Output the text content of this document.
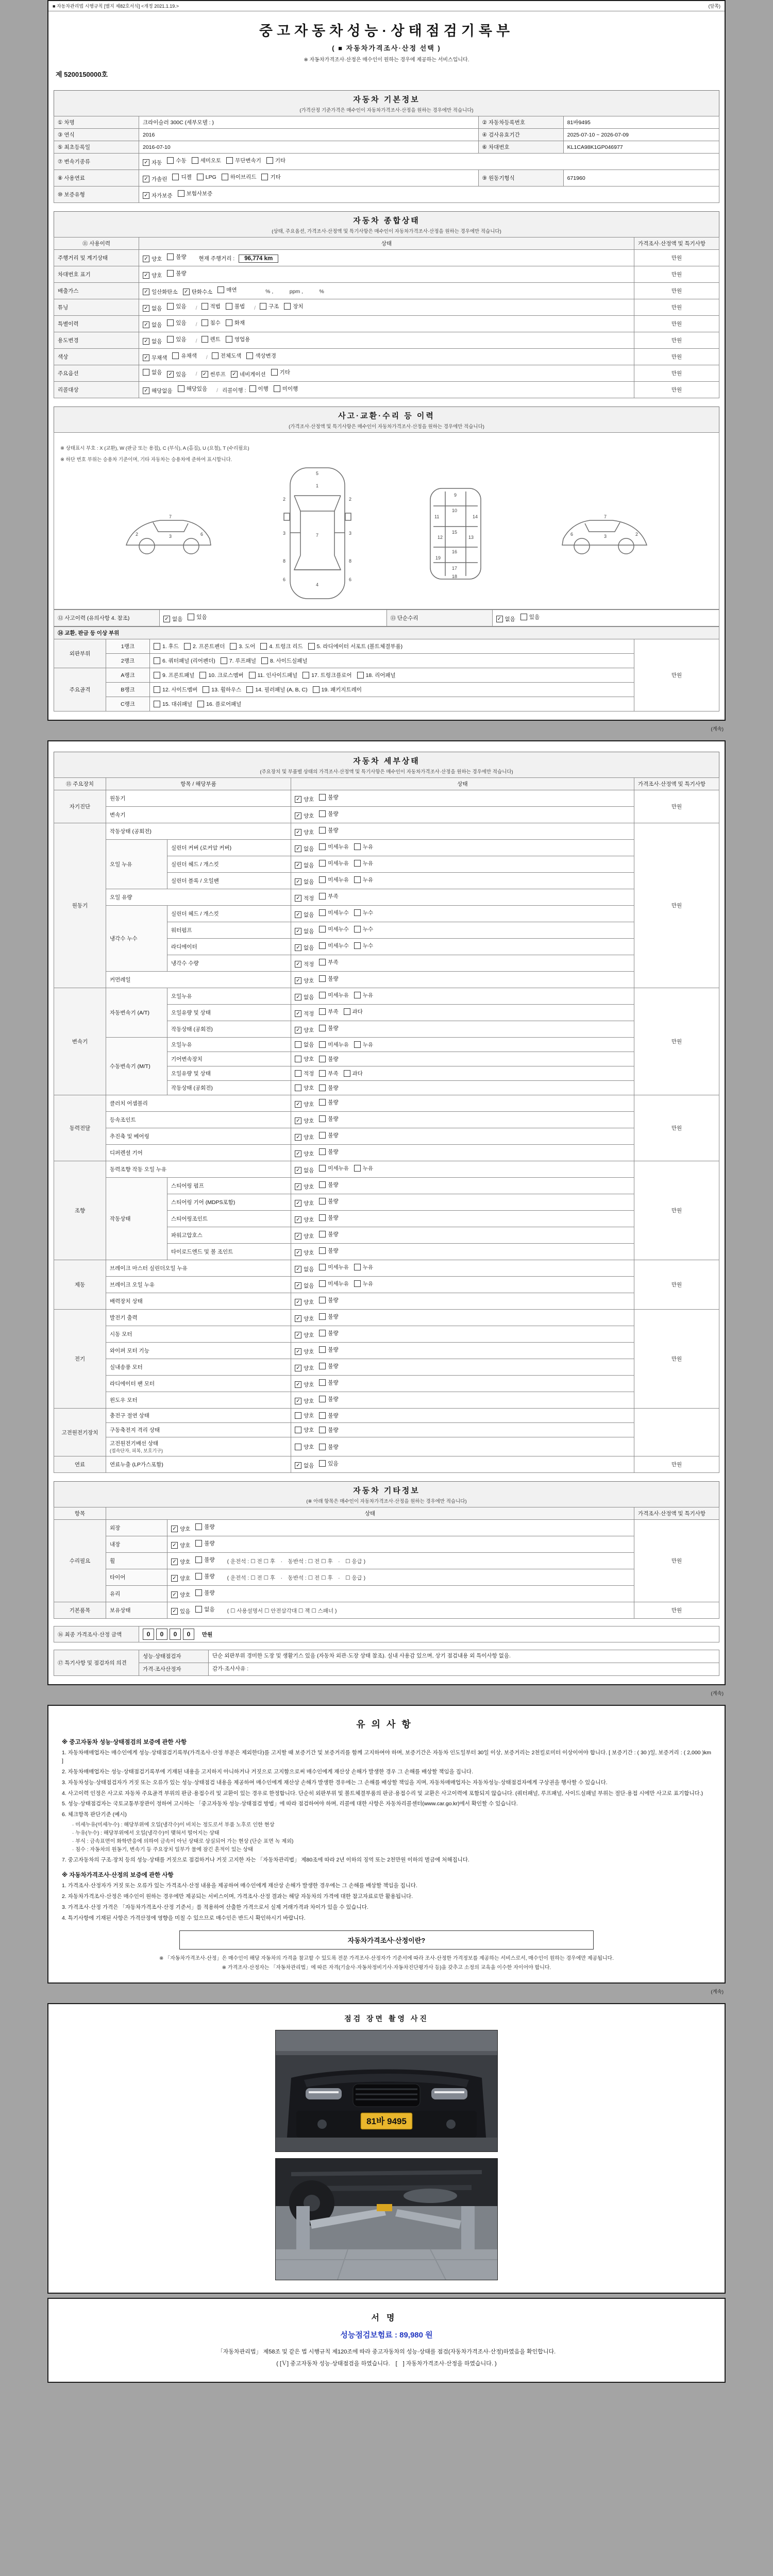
■ 자동차관리법 시행규칙 [별지 제82호서식] <개정 2021.1.19.>	(앞쪽)
중고자동차성능·상태점검기록부
( ■ 자동차가격조사·산정 선택 )
※ 자동차가격조사·산정은 매수인이 원하는 경우에 제공하는 서비스입니다.
제 5200150000호
자동차 기본정보
(가격산정 기준가격은 매수인이 자동차가격조사·산정을 원하는 경우에만 적습니다)
① 차명	크라이슬러 300C (세부모델 : )	② 자동차등록번호	81바9495
③ 연식	2016	④ 검사유효기간	2025-07-10 ~ 2026-07-09
⑤ 최초등록일	2016-07-10	⑥ 차대번호	KL1CA98K1GP046977
⑦ 변속기종류	✓ 자동	수동	세미오토	무단변속기	기타

⑧ 사용연료	✓ 가솔린	디젤	LPG	하이브리드	기타	⑨ 원동기형식	671960
⑩ 보증유형	✓ 자가보증 보험사보증		
자동차 종합상태
(상태, 주요옵션, 가격조사·산정액 및 특기사항은 매수인이 자동차가격조사·산정을 원하는 경우에만 적습니다)
⑪ 사용이력	상태	가격조사·산정액 및 특기사항
주행거리 및 계기상태	✓ 양호 불량 현재 주행거리 : 96,774 km	만원
차대번호 표기	✓ 양호 불량	만원
배출가스	✓ 일산화탄소 ✓ 탄화수소	매연 　　　% ,　　　ppm ,　　　%	만원
튜닝	✓ 없음	있음 / 적법	불법 / 구조	장치	만원
특별이력	✓ 없음	있음 / 침수	화재	만원
용도변경	✓ 없음	있음 / 렌트	영업용	만원
색상	✓ 무채색	유채색 / 전체도색	색상변경	만원
주요옵션	없음 ✓ 있음 / ✓ 썬루프 ✓ 네비게이션	기타	만원
리콜대상	✓ 해당없음	해당있음 / 리콜이행 : 이행	미이행	만원
사고·교환·수리 등 이력
(가격조사·산정액 및 특기사항은 매수인이 자동차가격조사·산정을 원하는 경우에만 적습니다)
※ 상태표시 부호 : X (교환), W (판금 또는 용접), C (부식), A (흠집), U (요철), T (수리필요)
※ 하단 번호 부위는 승용차 기준이며, 기타 자동차는 승용차에 준하여 표시합니다.
2	3	6
7
5
1
2	2
3	3
7
8	8
6	6
4
9
10
11	14
15
12	13
16
19
17
18
6	3	2
7
⑫ 사고이력 (유의사항 4. 참조)	✓ 없음	있음	⑬ 단순수리	✓ 없음	있음
⑭ 교환, 판금 등 이상 부위			
외판부위	1랭크	1. 후드 2. 프론트펜더 3. 도어 4. 트렁크 리드 5. 라디에이터 서포트 (볼트체결부품)	만원
	2랭크	6. 쿼터패널 (리어펜더) 7. 루프패널 8. 사이드실패널	

주요골격	A랭크	9. 프론트패널 10. 크로스멤버 11. 인사이드패널 17. 트렁크플로어 18. 리어패널	

	B랭크	12. 사이드멤버 13. 휠하우스 14. 필러패널 (A, B, C) 19. 패키지트레이	

	C랭크	15. 대쉬패널 16. 플로어패널	
(계속)
자동차 세부상태
(주요장치 및 부품별 상태의 가격조사·산정액 및 특기사항은 매수인이 자동차가격조사·산정을 원하는 경우에만 적습니다)
⑮ 주요장치	항목 / 해당부품		상태	가격조사·산정액 및 특기사항
자기진단	원동기		✓ 양호 불량	만원
	변속기		✓ 양호 불량	

원동기	작동상태 (공회전)		✓ 양호 불량	만원
	오일 누유	실린더 커버 (로커암 커버)	✓ 없음 미세누유 누유	

		실린더 헤드 / 개스킷	✓ 없음 미세누유 누유	

		실린더 블록 / 오일팬	✓ 없음 미세누유 누유	

	오일 유량		✓ 적정 부족	

	냉각수 누수	실린더 헤드 / 개스킷	✓ 없음 미세누수 누수	

		워터펌프	✓ 없음 미세누수 누수	

		라디에이터	✓ 없음 미세누수 누수	

		냉각수 수량	✓ 적정 부족	

	커먼레일		✓ 양호 불량	

변속기	자동변속기 (A/T)	오일누유	✓ 없음 미세누유 누유	만원
		오일유량 및 상태	✓ 적정 부족 과다	

		작동상태 (공회전)	✓ 양호 불량	

	수동변속기 (M/T)	오일누유	없음 미세누유 누유	

		기어변속장치	양호 불량	

		오일유량 및 상태	적정 부족 과다	

		작동상태 (공회전)	양호 불량	

동력전달	클러치 어셈블리		✓ 양호 불량	만원
	등속조인트		✓ 양호 불량	

	추진축 및 베어링		✓ 양호 불량	

	디퍼렌셜 기어		✓ 양호 불량	

조향	동력조향 작동 오일 누유		✓ 없음 미세누유 누유	만원
	작동상태	스티어링 펌프	✓ 양호 불량	

		스티어링 기어 (MDPS포함)	✓ 양호 불량	

		스티어링조인트	✓ 양호 불량	

		파워고압호스	✓ 양호 불량	

		타이로드엔드 및 볼 조인트	✓ 양호 불량	

제동	브레이크 마스터 실린더오일 누유		✓ 없음 미세누유 누유	만원
	브레이크 오일 누유		✓ 없음 미세누유 누유	

	배력장치 상태		✓ 양호 불량	

전기	발전기 출력		✓ 양호 불량	만원
	시동 모터		✓ 양호 불량	

	와이퍼 모터 기능		✓ 양호 불량	

	실내송풍 모터		✓ 양호 불량	

	라디에이터 팬 모터		✓ 양호 불량	

	윈도우 모터		✓ 양호 불량	

고전원전기장치	충전구 절연 상태		양호 불량	

	구동축전지 격리 상태		양호 불량	

	고전원전기배선 상태
(접속단자, 피복, 보호기구)		양호 불량	

연료	연료누출 (LP가스포함)		✓ 없음 있음	만원
자동차 기타정보
(※ 아래 항목은 매수인이 자동차가격조사·산정을 원하는 경우에만 적습니다)
항목	상태		가격조사·산정액 및 특기사항
수리필요	외장	✓ 양호 불량	만원
	내장	✓ 양호 불량	

	휠	✓ 양호 불량 ( 운전석 : ☐ 전 ☐ 후　·　동반석 : ☐ 전 ☐ 후　·　☐ 응급 )	
	타이어	✓ 양호 불량 ( 운전석 : ☐ 전 ☐ 후　·　동반석 : ☐ 전 ☐ 후　·　☐ 응급 )	
	유리	✓ 양호 불량	

기본품목	보유상태	✓ 있음 없음 ( ☐ 사용설명서 ☐ 안전삼각대 ☐ 잭 ☐ 스패너 )	만원
⑯ 최종 가격조사·산정 금액	0 0 0 0 만원
⑰ 특기사항 및 점검자의 의견	성능·상태점검자	단순 외판부위 경미한 도장 및 생활기스 있음 (자동차 외관·도장 상태 참조). 실내 사용감 있으며, 상기 점검내용 외 특이사항 없음.
	가격·조사산정자	감가·조사사유 :
(계속)
유의사항
※ 중고자동차 성능·상태점검의 보증에 관한 사항
1. 자동차매매업자는 매수인에게 성능·상태점검기록부(가격조사·산정 부분은 제외한다)를 고지할 때 보증기간 및 보증거리를 함께 고지하여야 하며, 보증기간은 자동차 인도일부터 30일 이상, 보증거리는 2천킬로미터 이상이어야 합니다. [ 보증기간 : ( 30 )일, 보증거리 : ( 2,000 )km ]
2. 자동차매매업자는 성능·상태점검기록부에 기재된 내용을 고지하지 아니하거나 거짓으로 고지함으로써 매수인에게 재산상 손해가 발생한 경우 그 손해를 배상할 책임을 집니다.
3. 자동차성능·상태점검자가 거짓 또는 오류가 있는 성능·상태점검 내용을 제공하여 매수인에게 재산상 손해가 발생한 경우에는 그 손해를 배상할 책임을 지며, 자동차매매업자는 자동차성능·상태점검자에게 구상권을 행사할 수 있습니다.
4. 사고이력 인정은 사고로 자동차 주요골격 부위의 판금·용접수리 및 교환이 있는 경우로 한정합니다. 단순히 외판부위 및 볼트체결부품의 판금·용접수리 및 교환은 사고이력에 포함되지 않습니다. (쿼터패널, 루프패널, 사이드실패널 부위는 절단·용접 시에만 사고로 표기합니다.)
5. 성능·상태점검자는 국토교통부장관이 정하여 고시하는 「중고자동차 성능·상태점검 방법」에 따라 점검하여야 하며, 리콜에 대한 사항은 자동차리콜센터(www.car.go.kr)에서 확인할 수 있습니다.
6. 체크항목 판단기준 (예시)
· 미세누유(미세누수) : 해당부위에 오일(냉각수)이 비치는 정도로서 부품 노후로 인한 현상
· 누유(누수) : 해당부위에서 오일(냉각수)이 맺혀서 떨어지는 상태
· 부식 : 금속표면이 화학반응에 의하여 금속이 아닌 상태로 상실되어 가는 현상 (단순 표면 녹 제외)
· 침수 : 자동차의 원동기, 변속기 등 주요장치 일부가 물에 잠긴 흔적이 있는 상태
7. 중고자동차의 구조·장치 등의 성능·상태를 거짓으로 점검하거나 거짓 고지한 자는 「자동차관리법」 제80조에 따라 2년 이하의 징역 또는 2천만원 이하의 벌금에 처해집니다.
※ 자동차가격조사·산정의 보증에 관한 사항
1. 가격조사·산정자가 거짓 또는 오류가 있는 가격조사·산정 내용을 제공하여 매수인에게 재산상 손해가 발생한 경우에는 그 손해를 배상할 책임을 집니다.
2. 자동차가격조사·산정은 매수인이 원하는 경우에만 제공되는 서비스이며, 가격조사·산정 결과는 해당 자동차의 가격에 대한 참고자료로만 활용됩니다.
3. 가격조사·산정 가격은 「자동차가격조사·산정 기준서」를 적용하여 산출한 가격으로서 실제 거래가격과 차이가 있을 수 있습니다.
4. 특기사항에 기재된 사항은 가격산정에 영향을 미칠 수 있으므로 매수인은 반드시 확인하시기 바랍니다.
자동차가격조사·산정이란?
※ 「자동차가격조사·산정」은 매수인이 해당 자동차의 가격을 참고할 수 있도록 전문 가격조사·산정자가 기준서에 따라 조사·산정한 가격정보를 제공하는 서비스로서, 매수인이 원하는 경우에만 제공됩니다.
※ 가격조사·산정자는 「자동차관리법」에 따른 자격(기술사·자동차정비기사·자동차진단평가사 등)을 갖추고 소정의 교육을 이수한 자이어야 합니다.
(계속)
점검 장면 촬영 사진
81바 9495
서명
성능점검보험료 : 89,980 원
「자동차관리법」 제58조 및 같은 법 시행규칙 제120조에 따라 중고자동차의 성능·상태를 점검(자동차가격조사·산정)하였음을 확인합니다.
( [Ｖ] 중고자동차 성능·상태점검을 하였습니다.　[　] 자동차가격조사·산정을 하였습니다. )
